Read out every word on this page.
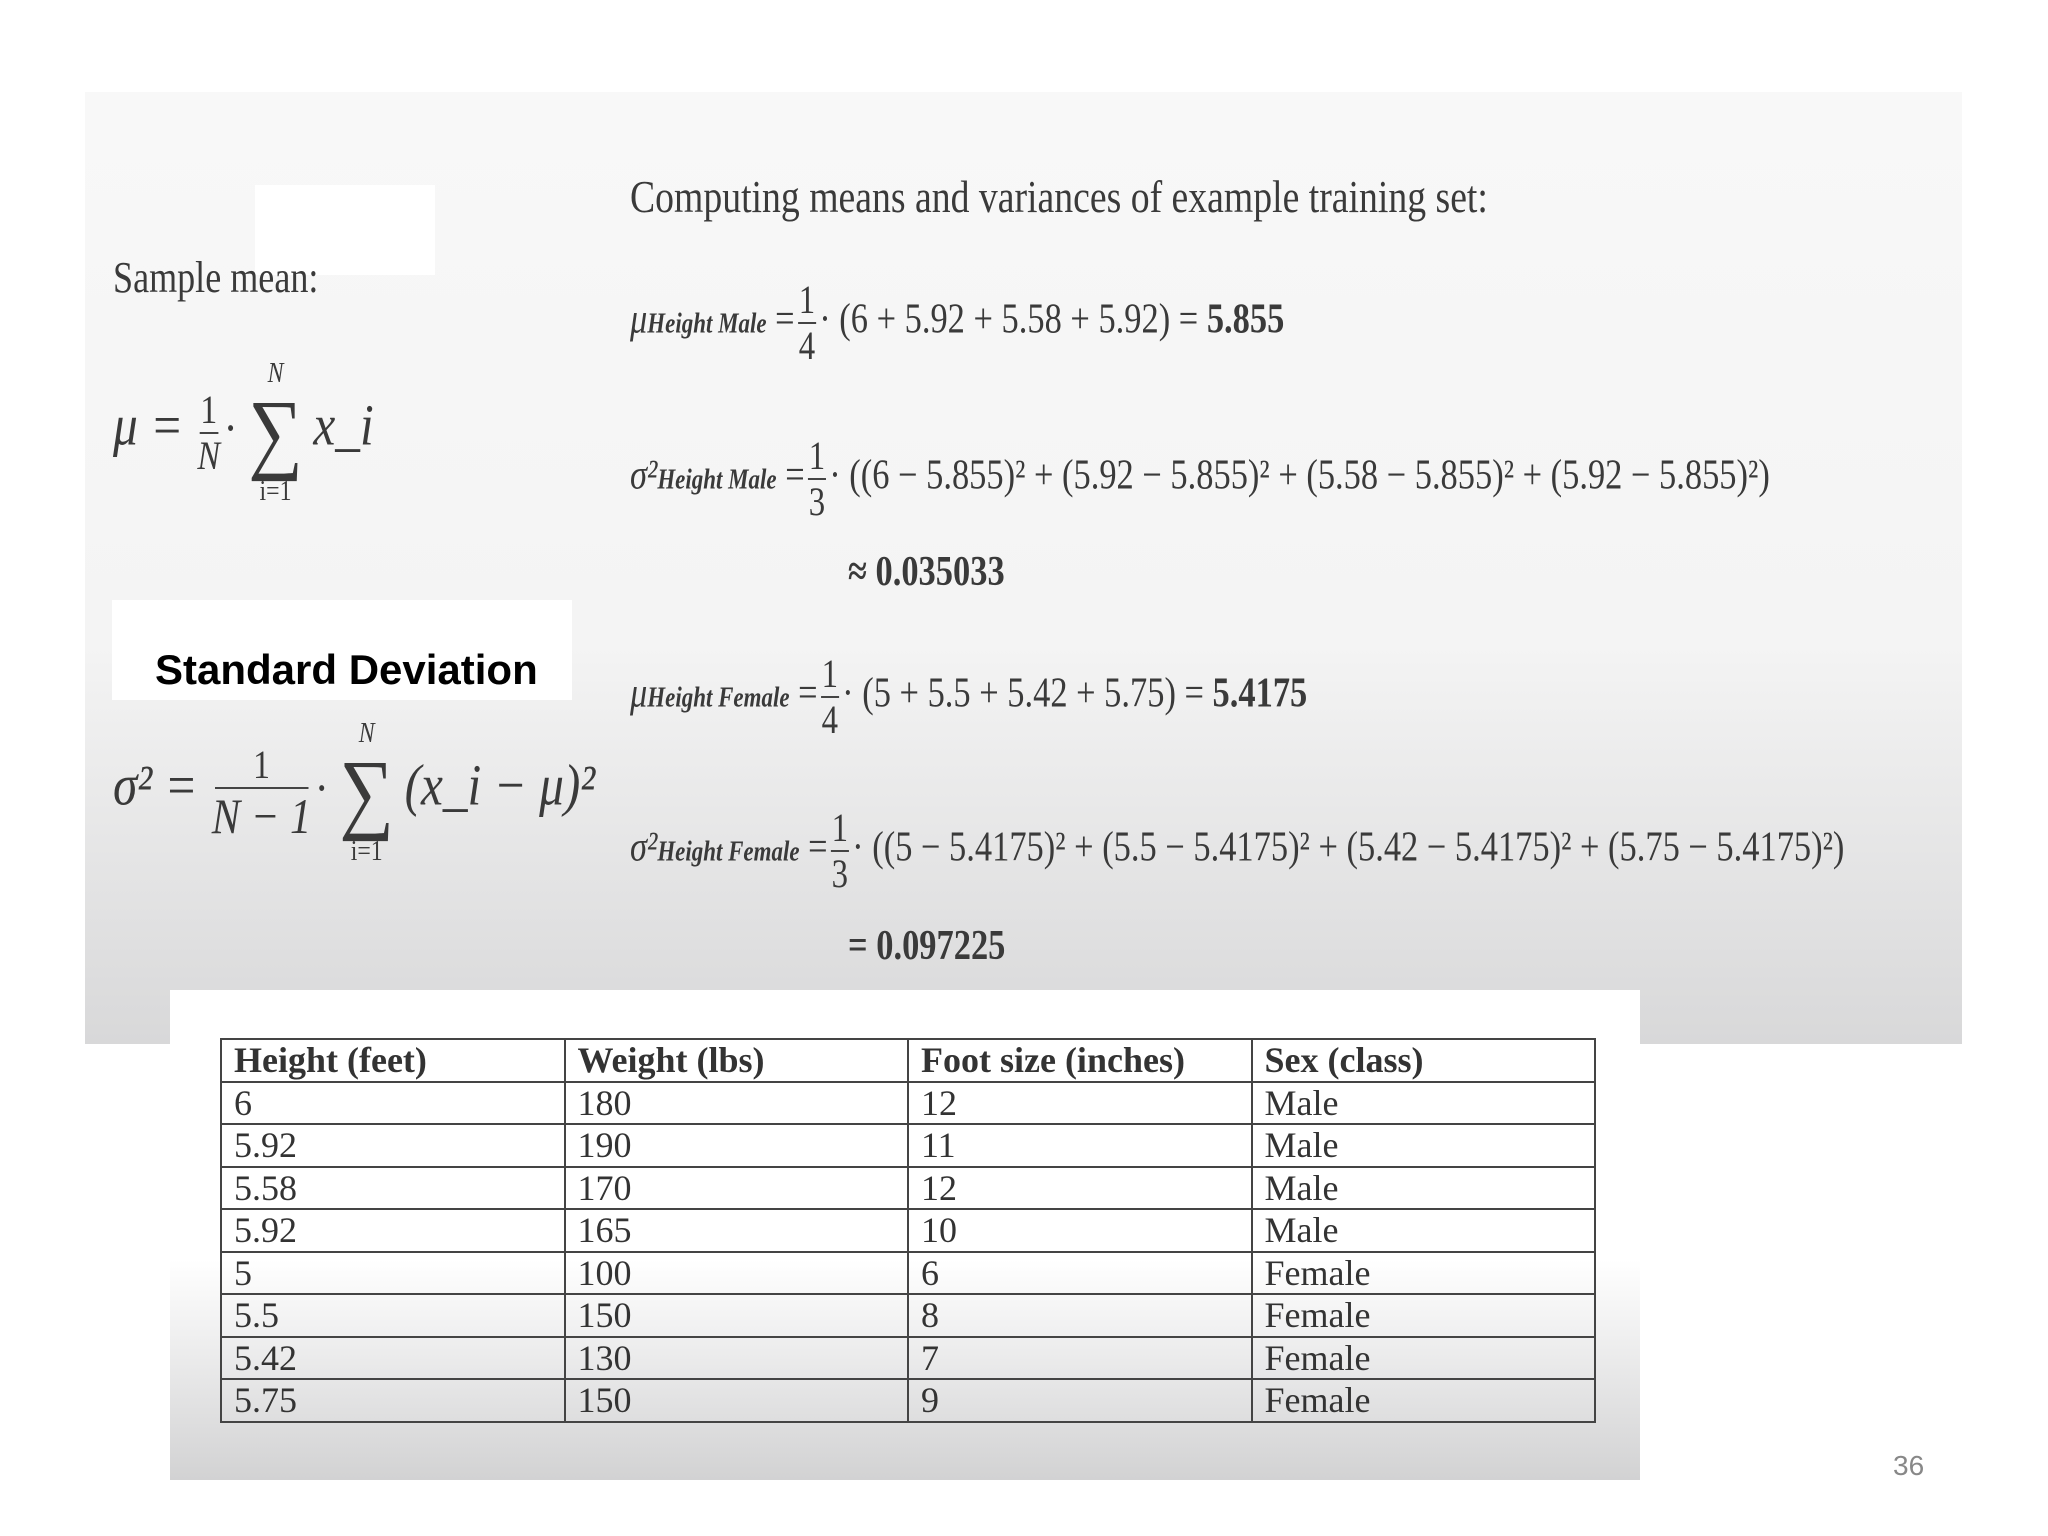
Computing means and variances of example training set:
Sample mean:
$\mu = \frac{1}{N}$ ·
N
∑
i=1
x_i
Standard Deviation
$\sigma^2 = \frac{1}{N - 1}$ ·
N
∑
i=1
(x_i − μ)²
μHeight Male = $\frac{1}{4} \cdot (6 + 5.92 + 5.58 + 5.92) = 5.855$
σ²Height Male = $\frac{1}{3} \cdot ((6 - 5.855)^2 + (5.92 - 5.855)^2 + (5.58 - 5.855)^2 + (5.92 - 5.855)^2)$
≈ 0.035033
μHeight Female = $\frac{1}{4} \cdot (5 + 5.5 + 5.42 + 5.75) = 5.4175$
σ²Height Female = $\frac{1}{3} \cdot ((5 - 5.4175)^2 + (5.5 - 5.4175)^2 + (5.42 - 5.4175)^2 + (5.75 - 5.4175)^2)$
= 0.097225
Height (feet)	Weight (lbs)	Foot size (inches)	Sex (class)
6	180	12	Male
5.92	190	11	Male
5.58	170	12	Male
5.92	165	10	Male
5	100	6	Female
5.5	150	8	Female
5.42	130	7	Female
5.75	150	9	Female
36
